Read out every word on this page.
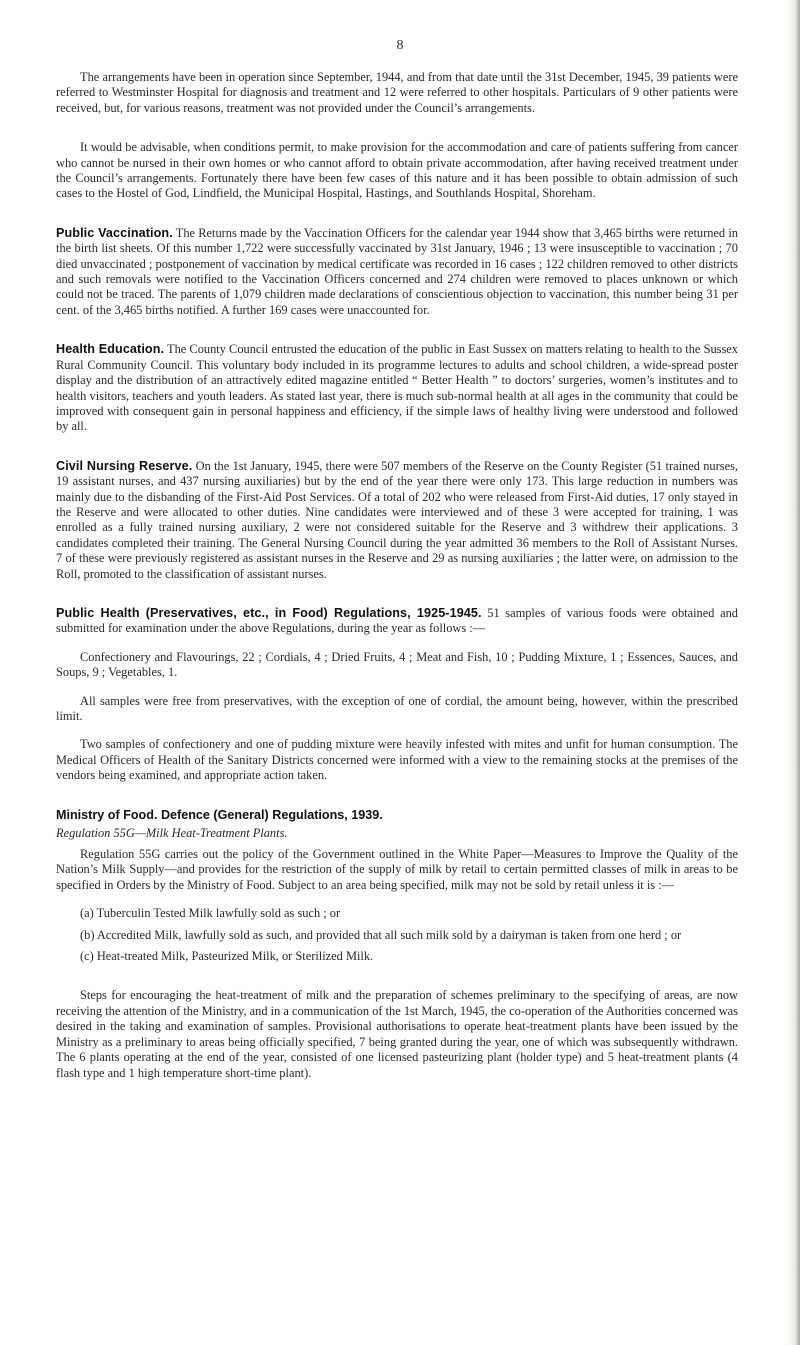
8

The arrangements have been in operation since September, 1944, and from that date until the 31st December, 1945, 39 patients were referred to Westminster Hospital for diagnosis and treatment and 12 were referred to other hospitals. Particulars of 9 other patients were received, but, for various reasons, treatment was not provided under the Council’s arrangements.

It would be advisable, when conditions permit, to make provision for the accommodation and care of patients suffering from cancer who cannot be nursed in their own homes or who cannot afford to obtain private accommodation, after having received treatment under the Council’s arrangements. Fortunately there have been few cases of this nature and it has been possible to obtain admission of such cases to the Hostel of God, Lindfield, the Municipal Hospital, Hastings, and Southlands Hospital, Shoreham.

Public Vaccination. The Returns made by the Vaccination Officers for the calendar year 1944 show that 3,465 births were returned in the birth list sheets. Of this number 1,722 were successfully vaccinated by 31st January, 1946 ; 13 were insusceptible to vaccination ; 70 died unvaccinated ; postponement of vaccination by medical certificate was recorded in 16 cases ; 122 children removed to other districts and such removals were notified to the Vaccination Officers concerned and 274 children were removed to places unknown or which could not be traced. The parents of 1,079 children made declarations of conscientious objection to vaccination, this number being 31 per cent. of the 3,465 births notified. A further 169 cases were unaccounted for.

Health Education. The County Council entrusted the education of the public in East Sussex on matters relating to health to the Sussex Rural Community Council. This voluntary body included in its programme lectures to adults and school children, a wide-spread poster display and the distribution of an attractively edited magazine entitled “ Better Health ” to doctors’ surgeries, women’s institutes and to health visitors, teachers and youth leaders. As stated last year, there is much sub-normal health at all ages in the community that could be improved with consequent gain in personal happiness and efficiency, if the simple laws of healthy living were understood and followed by all.

Civil Nursing Reserve. On the 1st January, 1945, there were 507 members of the Reserve on the County Register (51 trained nurses, 19 assistant nurses, and 437 nursing auxiliaries) but by the end of the year there were only 173. This large reduction in numbers was mainly due to the disbanding of the First-Aid Post Services. Of a total of 202 who were released from First-Aid duties, 17 only stayed in the Reserve and were allocated to other duties. Nine candidates were interviewed and of these 3 were accepted for training, 1 was enrolled as a fully trained nursing auxiliary, 2 were not considered suitable for the Reserve and 3 withdrew their applications. 3 candidates completed their training. The General Nursing Council during the year admitted 36 members to the Roll of Assistant Nurses. 7 of these were previously registered as assistant nurses in the Reserve and 29 as nursing auxiliaries ; the latter were, on admission to the Roll, promoted to the classification of assistant nurses.

Public Health (Preservatives, etc., in Food) Regulations, 1925-1945. 51 samples of various foods were obtained and submitted for examination under the above Regulations, during the year as follows :—

Confectionery and Flavourings, 22 ; Cordials, 4 ; Dried Fruits, 4 ; Meat and Fish, 10 ; Pudding Mixture, 1 ; Essences, Sauces, and Soups, 9 ; Vegetables, 1.

All samples were free from preservatives, with the exception of one of cordial, the amount being, however, within the prescribed limit.

Two samples of confectionery and one of pudding mixture were heavily infested with mites and unfit for human consumption. The Medical Officers of Health of the Sanitary Districts concerned were informed with a view to the remaining stocks at the premises of the vendors being examined, and appropriate action taken.

Ministry of Food. Defence (General) Regulations, 1939.

Regulation 55G—Milk Heat-Treatment Plants.

Regulation 55G carries out the policy of the Government outlined in the White Paper—Measures to Improve the Quality of the Nation’s Milk Supply—and provides for the restriction of the supply of milk by retail to certain permitted classes of milk in areas to be specified in Orders by the Ministry of Food. Subject to an area being specified, milk may not be sold by retail unless it is :—

(a) Tuberculin Tested Milk lawfully sold as such ; or

(b) Accredited Milk, lawfully sold as such, and provided that all such milk sold by a dairyman is taken from one herd ; or

(c) Heat-treated Milk, Pasteurized Milk, or Sterilized Milk.

Steps for encouraging the heat-treatment of milk and the preparation of schemes preliminary to the specifying of areas, are now receiving the attention of the Ministry, and in a communication of the 1st March, 1945, the co-operation of the Authorities concerned was desired in the taking and examination of samples. Provisional authorisations to operate heat-treatment plants have been issued by the Ministry as a preliminary to areas being officially specified, 7 being granted during the year, one of which was subsequently withdrawn. The 6 plants operating at the end of the year, consisted of one licensed pasteurizing plant (holder type) and 5 heat-treatment plants (4 flash type and 1 high temperature short-time plant).
